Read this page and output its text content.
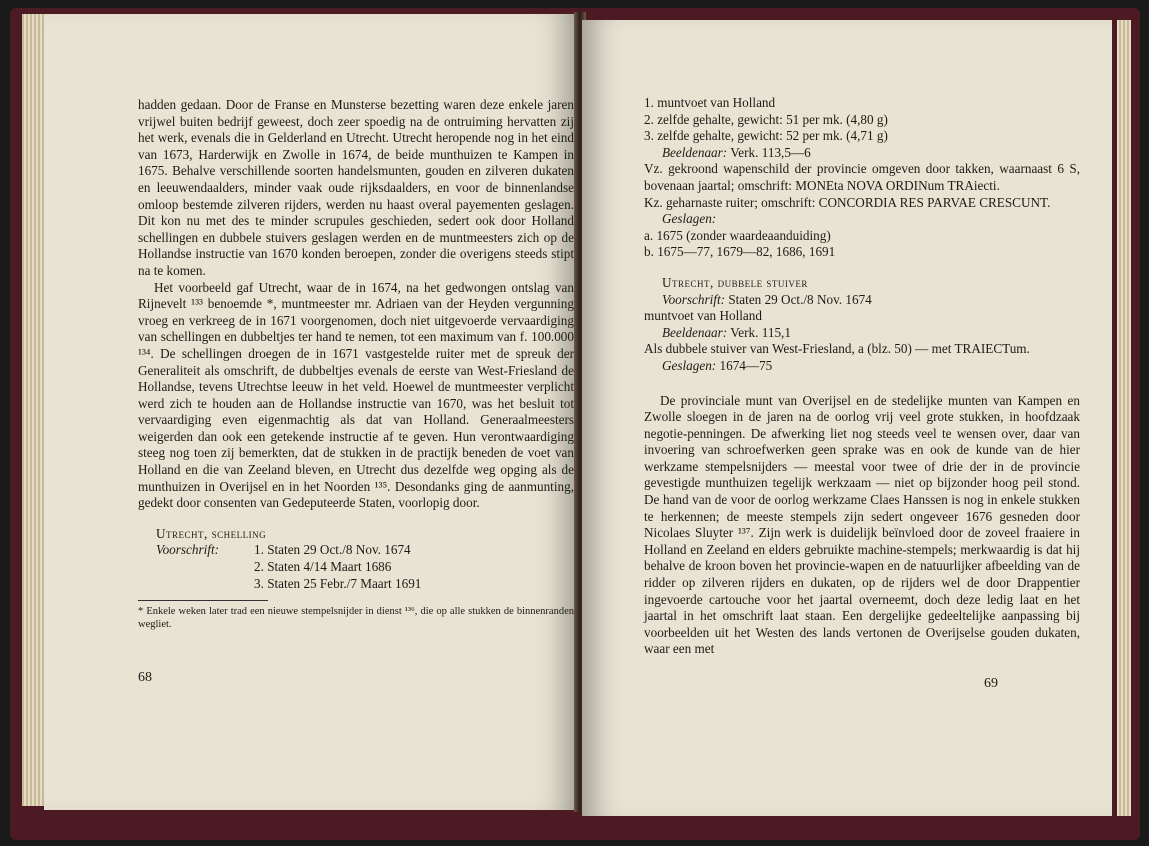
hadden gedaan. Door de Franse en Munsterse bezetting waren deze enkele jaren vrijwel buiten bedrijf geweest, doch zeer spoedig na de ontruiming hervatten zij het werk, evenals die in Gelderland en Utrecht. Utrecht heropende nog in het eind van 1673, Harderwijk en Zwolle in 1674, de beide munthuizen te Kampen in 1675. Behalve verschillende soorten handelsmunten, gouden en zilveren dukaten en leeuwendaalders, minder vaak oude rijksdaalders, en voor de binnenlandse omloop bestemde zilveren rijders, werden nu haast overal payementen geslagen. Dit kon nu met des te minder scrupules geschieden, sedert ook door Holland schellingen en dubbele stuivers geslagen werden en de muntmeesters zich op de Hollandse instructie van 1670 konden beroepen, zonder die overigens steeds stipt na te komen.

Het voorbeeld gaf Utrecht, waar de in 1674, na het gedwongen ontslag van Rijnevelt ¹³³ benoemde *, muntmeester mr. Adriaen van der Heyden vergunning vroeg en verkreeg de in 1671 voorgenomen, doch niet uitgevoerde vervaardiging van schellingen en dubbeltjes ter hand te nemen, tot een maximum van f. 100.000 ¹³⁴. De schellingen droegen de in 1671 vastgestelde ruiter met de spreuk der Generaliteit als omschrift, de dubbeltjes evenals de eerste van West-Friesland de Hollandse, tevens Utrechtse leeuw in het veld. Hoewel de muntmeester verplicht werd zich te houden aan de Hollandse instructie van 1670, was het besluit tot vervaardiging even eigenmachtig als dat van Holland. Generaalmeesters weigerden dan ook een getekende instructie af te geven. Hun verontwaardiging steeg nog toen zij bemerkten, dat de stukken in de practijk beneden de voet van Holland en die van Zeeland bleven, en Utrecht dus dezelfde weg opging als de munthuizen in Overijsel en in het Noorden ¹³⁵. Desondanks ging de aanmunting, gedekt door consenten van Gedeputeerde Staten, voorlopig door.

Utrecht, schelling
Voorschrift:	1. Staten 29 Oct./8 Nov. 1674
2. Staten 4/14 Maart 1686
3. Staten 25 Febr./7 Maart 1691

* Enkele weken later trad een nieuwe stempelsnijder in dienst ¹³⁶, die op alle stukken de binnenranden wegliet.

68
1. muntvoet van Holland
2. zelfde gehalte, gewicht: 51 per mk. (4,80 g)
3. zelfde gehalte, gewicht: 52 per mk. (4,71 g)
Beeldenaar: Verk. 113,5—6

Vz. gekroond wapenschild der provincie omgeven door takken, waarnaast 6 S, bovenaan jaartal; omschrift: MONEta NOVA ORDINum TRAiecti.

Kz. geharnaste ruiter; omschrift: CONCORDIA RES PARVAE CRESCUNT.

Geslagen:
a. 1675 (zonder waardeaanduiding)
b. 1675—77, 1679—82, 1686, 1691
Utrecht, dubbele stuiver
Voorschrift: Staten 29 Oct./8 Nov. 1674
muntvoet van Holland
Beeldenaar: Verk. 115,1

Als dubbele stuiver van West-Friesland, a (blz. 50) — met TRAIECTum.

Geslagen: 1674—75

De provinciale munt van Overijsel en de stedelijke munten van Kampen en Zwolle sloegen in de jaren na de oorlog vrij veel grote stukken, in hoofdzaak negotie-penningen. De afwerking liet nog steeds veel te wensen over, daar van invoering van schroefwerken geen sprake was en ook de kunde van de hier werkzame stempelsnijders — meestal voor twee of drie der in de provincie gevestigde munthuizen tegelijk werkzaam — niet op bijzonder hoog peil stond. De hand van de voor de oorlog werkzame Claes Hanssen is nog in enkele stukken te herkennen; de meeste stempels zijn sedert ongeveer 1676 gesneden door Nicolaes Sluyter ¹³⁷. Zijn werk is duidelijk beïnvloed door de zoveel fraaiere in Holland en Zeeland en elders gebruikte machine-stempels; merkwaardig is dat hij behalve de kroon boven het provincie-wapen en de natuurlijker afbeelding van de ridder op zilveren rijders en dukaten, op de rijders wel de door Drappentier ingevoerde cartouche voor het jaartal overneemt, doch deze ledig laat en het jaartal in het omschrift laat staan. Een dergelijke gedeeltelijke aanpassing bij voorbeelden uit het Westen des lands vertonen de Overijselse gouden dukaten, waar een met

69
